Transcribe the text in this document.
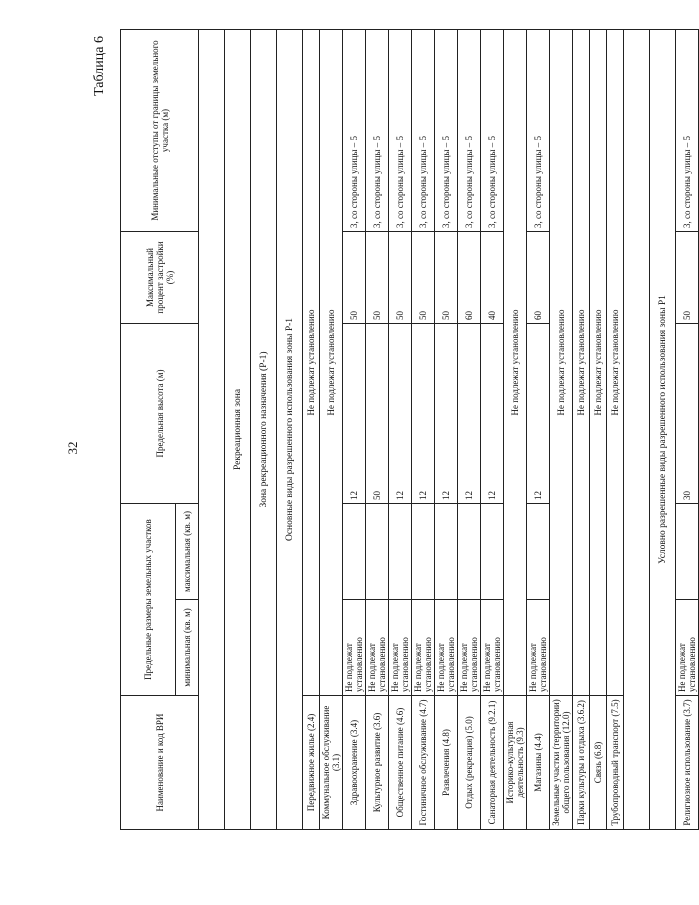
32
Таблица 6
Наименование и код ВРИ	Предельные размеры земельных участков		Предельная высота (м)	Максимальный процент застройки (%)	Минимальные отступы от границы земельного участка (м)
	минимальная (кв. м)	максимальная (кв. м)			

Рекреационная зона					
Зона рекреационного назначения (Р-1)					
Основные виды разрешенного использования зоны Р-1					
Передвижное жилье (2.4)	Не подлежат установлению				
Коммунальное обслуживание (3.1)	Не подлежат установлению				
Здравоохранение (3.4)	Не подлежат установлению		12	50	3, со стороны улицы – 5
Культурное развитие (3.6)	Не подлежат установлению		50	50	3, со стороны улицы – 5
Общественное питание (4.6)	Не подлежат установлению		12	50	3, со стороны улицы – 5
Гостиничное обслуживание (4.7)	Не подлежат установлению		12	50	3, со стороны улицы – 5
Развлечения (4.8)	Не подлежат установлению		12	50	3, со стороны улицы – 5
Отдых (рекреация) (5.0)	Не подлежат установлению		12	60	3, со стороны улицы – 5
Санаторная деятельность (9.2.1)	Не подлежат установлению		12	40	3, со стороны улицы – 5
Историко-культурная деятельность (9.3)	Не подлежат установлению				
Магазины (4.4)	Не подлежат установлению		12	60	3, со стороны улицы – 5
Земельные участки (территории) общего пользования (12.0)	Не подлежат установлению				
Парки культуры и отдыха (3.6.2)	Не подлежат установлению				
Связь (6.8)	Не подлежат установлению				
Трубопроводный транспорт (7.5)	Не подлежат установлению				

Условно разрешенные виды разрешенного использования зоны Р1					
Религиозное использование (3.7)	Не подлежат установлению		30	50	3, со стороны улицы – 5
